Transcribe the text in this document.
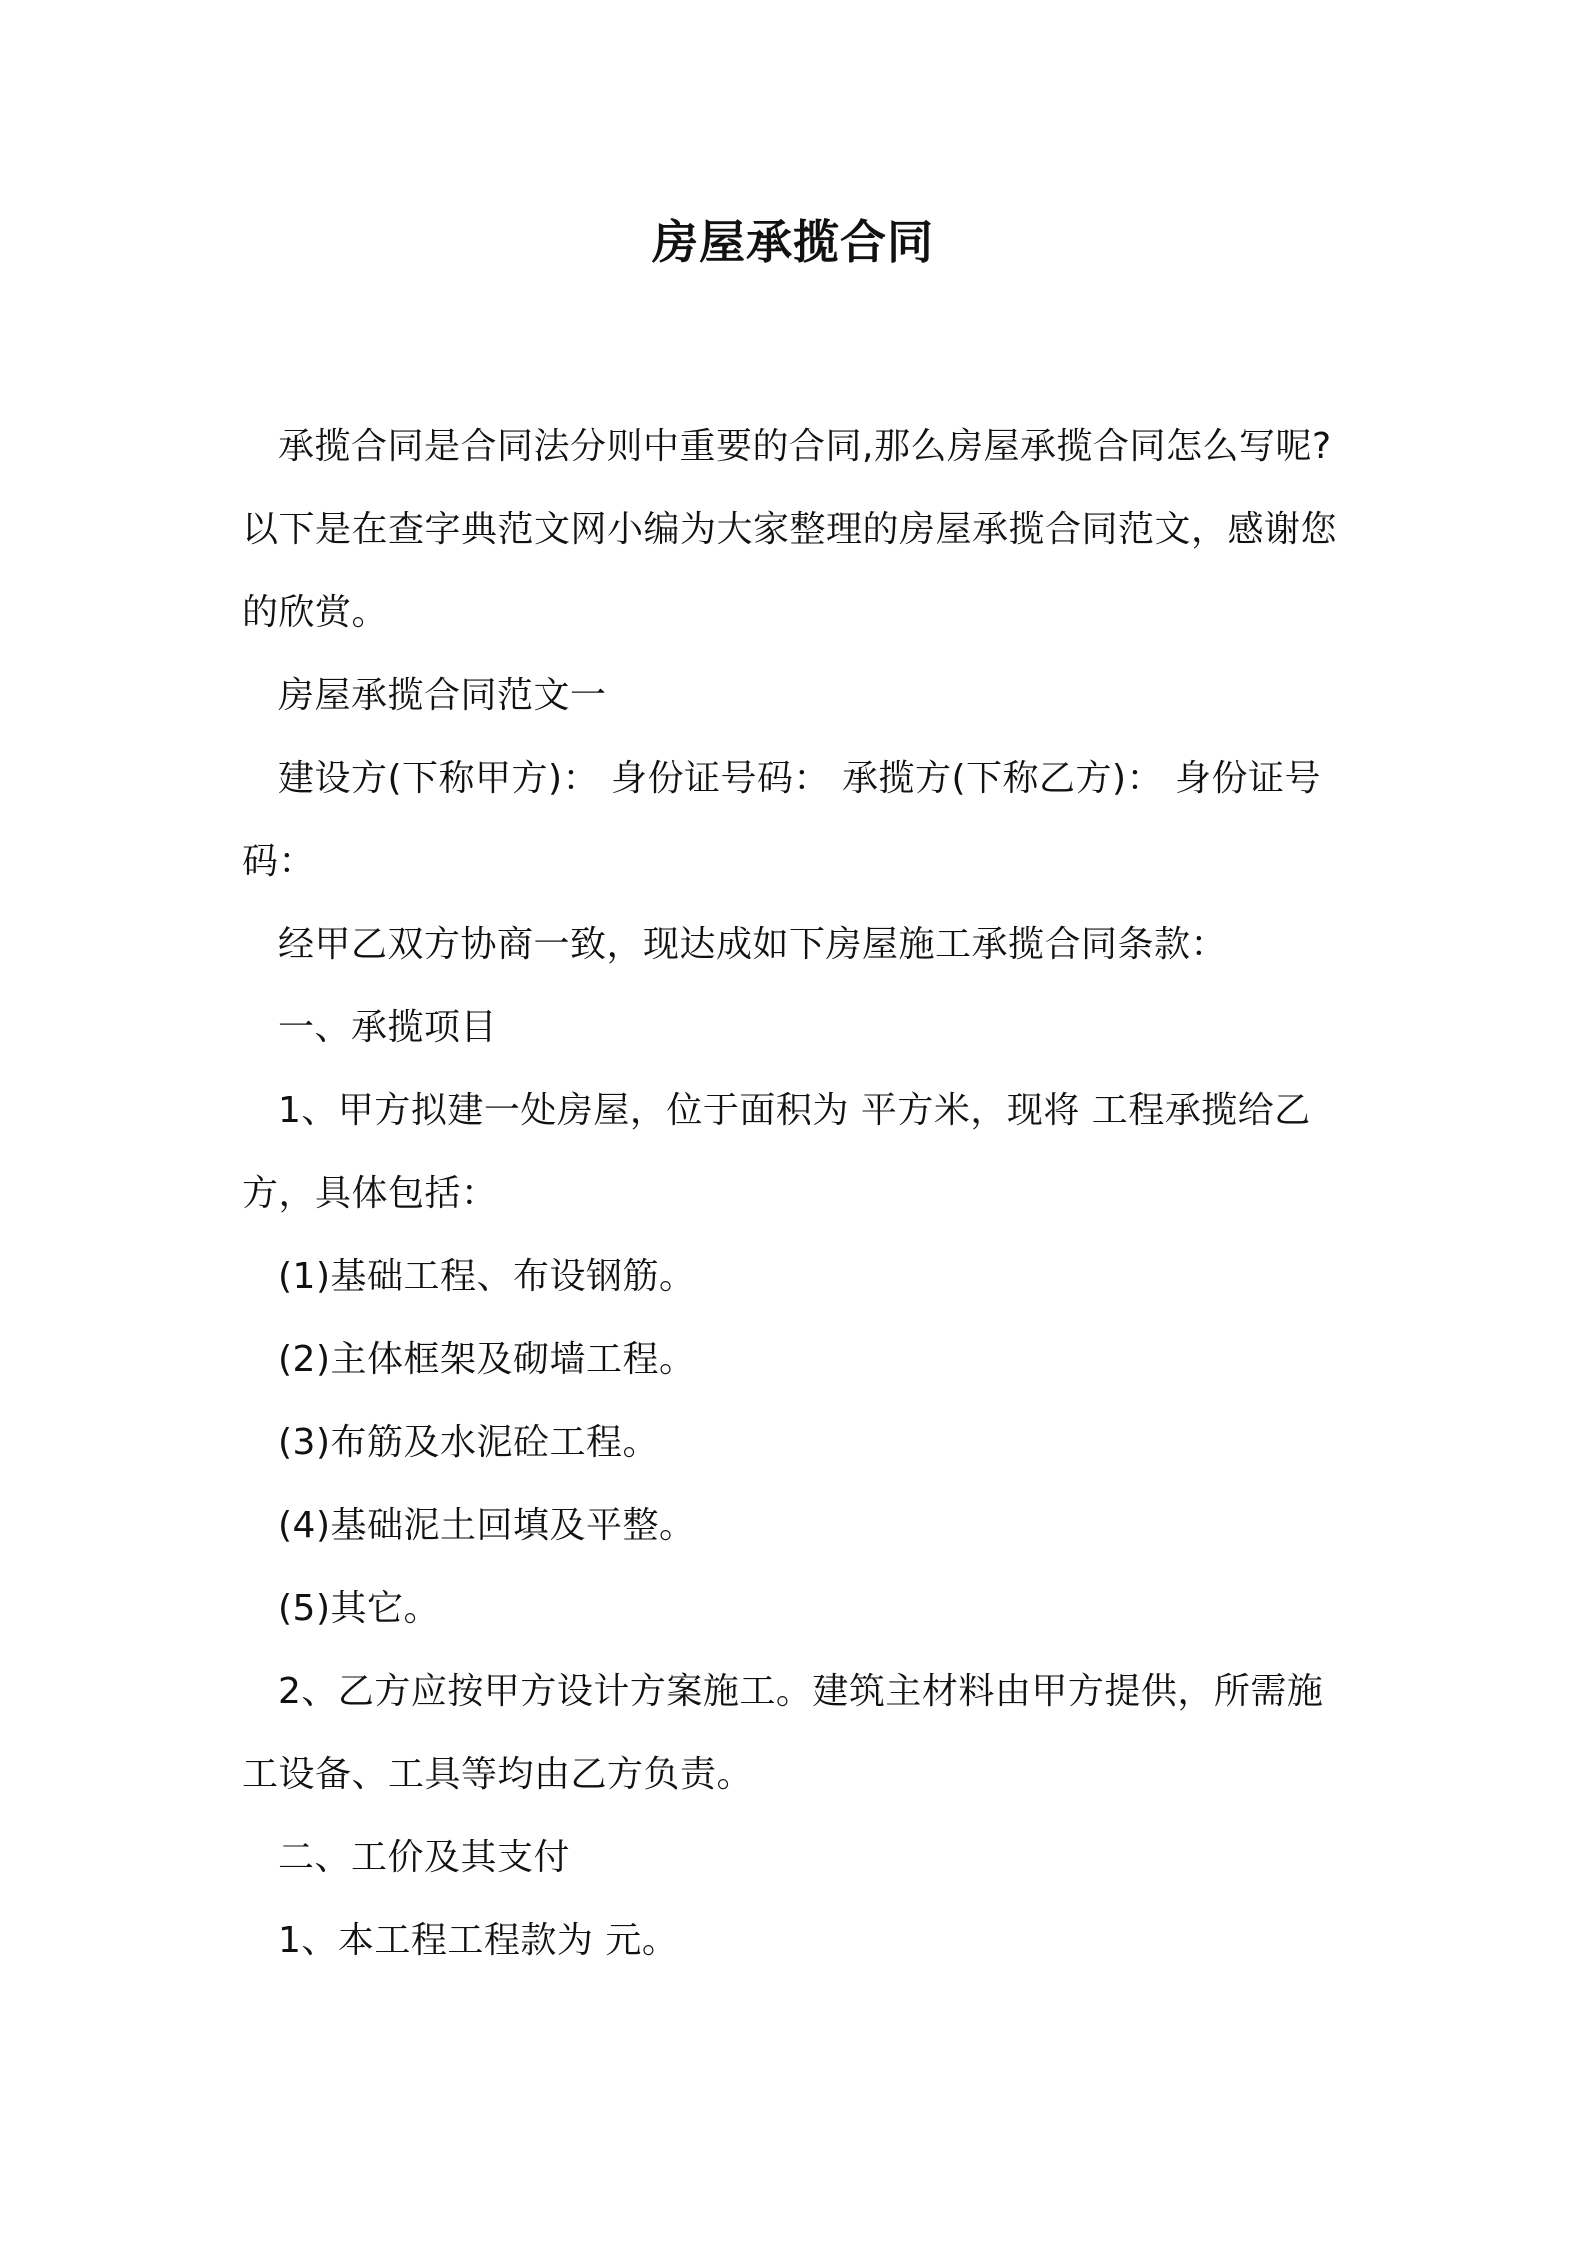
房屋承揽合同

承揽合同是合同法分则中重要的合同,那么房屋承揽合同怎么写呢?以下是在查字典范文网小编为大家整理的房屋承揽合同范文，感谢您的欣赏。

房屋承揽合同范文一

建设方(下称甲方)： 身份证号码： 承揽方(下称乙方)： 身份证号码：

经甲乙双方协商一致，现达成如下房屋施工承揽合同条款：

一、承揽项目

1、甲方拟建一处房屋，位于面积为 平方米，现将 工程承揽给乙方，具体包括：

(1)基础工程、布设钢筋。

(2)主体框架及砌墙工程。

(3)布筋及水泥砼工程。

(4)基础泥土回填及平整。

(5)其它。

2、乙方应按甲方设计方案施工。建筑主材料由甲方提供，所需施工设备、工具等均由乙方负责。

二、工价及其支付

1、本工程工程款为 元。
